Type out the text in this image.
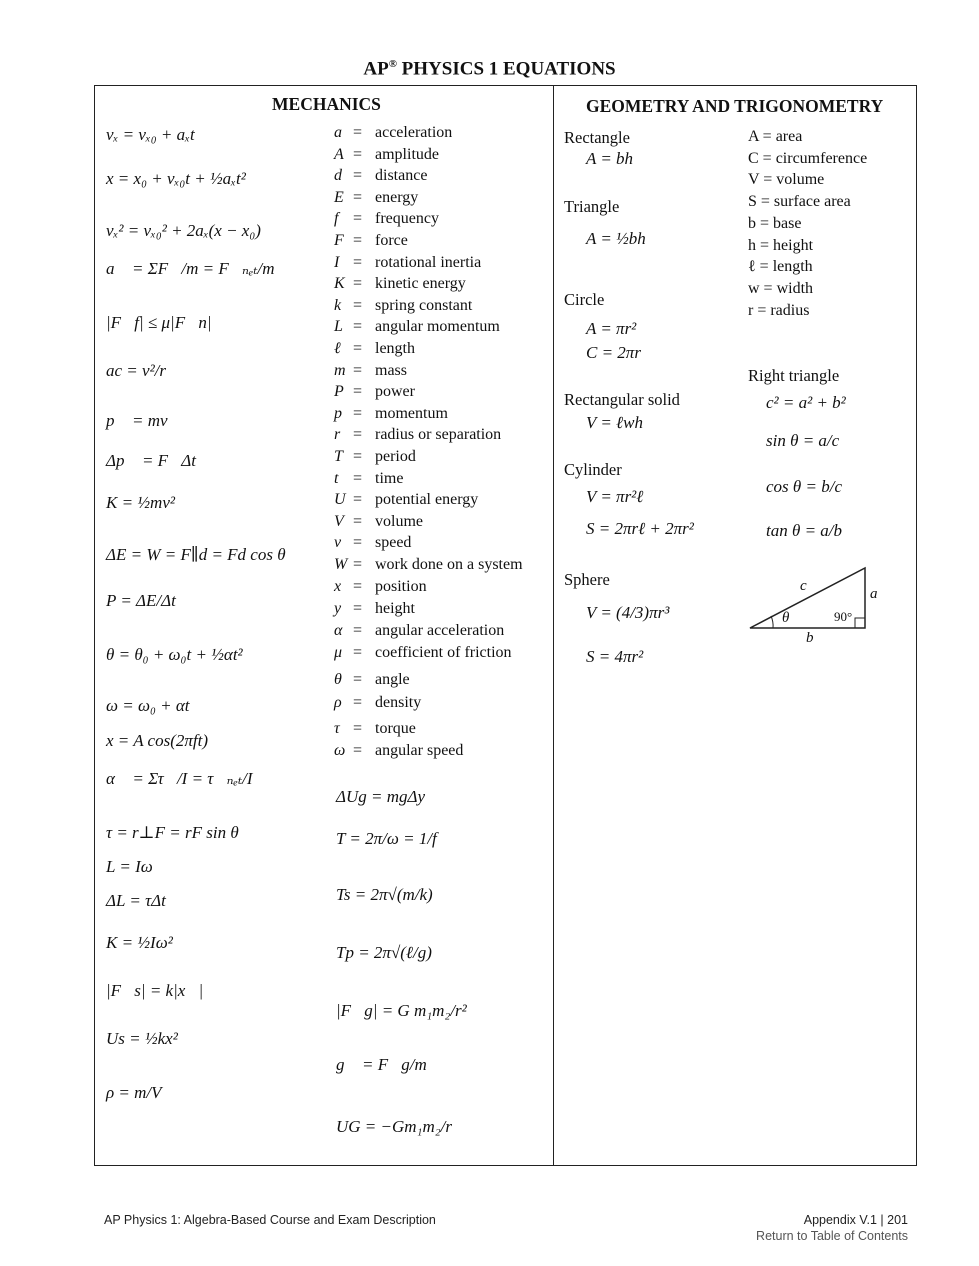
AP® PHYSICS 1 EQUATIONS
MECHANICS	GEOMETRY AND TRIGONOMETRY
vₓ = vₓ₀ + aₓt
x = x₀ + vₓ₀t + ½aₓt²
vₓ² = vₓ₀² + 2aₓ(x − x₀)
a⃗ = ΣF⃗/m = F⃗ₙₑₜ/m
|F⃗f| ≤ μ|F⃗n|
ac = v²/r
p⃗ = mv⃗
Δp⃗ = F⃗Δt
K = ½mv²
ΔE = W = F∥d = Fd cos θ
P = ΔE/Δt
θ = θ₀ + ω₀t + ½αt²
ω = ω₀ + αt
x = A cos(2πft)
α⃗ = Στ⃗/I = τ⃗ₙₑₜ/I
τ = r⊥F = rF sin θ
L = Iω
ΔL = τΔt
K = ½Iω²
|F⃗s| = k|x⃗|
Us = ½kx²
ρ = m/V
a = acceleration
A = amplitude
d = distance
E = energy
f = frequency
F = force
I = rotational inertia
K = kinetic energy
k = spring constant
L = angular momentum
ℓ = length
m = mass
P = power
p = momentum
r = radius or separation
T = period
t = time
U = potential energy
V = volume
v = speed
W = work done on a system
x = position
y = height
α = angular acceleration
μ = coefficient of friction
θ = angle
ρ = density
τ = torque
ω = angular speed
ΔUg = mgΔy
T = 2π/ω = 1/f
Ts = 2π√(m/k)
Tp = 2π√(ℓ/g)
|F⃗g| = G m₁m₂/r²
g⃗ = F⃗g/m
UG = −Gm₁m₂/r
Rectangle
A = bh
Triangle
A = ½bh
Circle
A = πr²
C = 2πr
Rectangular solid
V = ℓwh
Cylinder
V = πr²ℓ
S = 2πrℓ + 2πr²
Sphere
V = (4/3)πr³
S = 4πr²
A = area
C = circumference
V = volume
S = surface area
b = base
h = height
ℓ = length
w = width
r = radius
Right triangle
c² = a² + b²
sin θ = a/c
cos θ = b/c
tan θ = a/b
c	a
b
θ	90°
AP Physics 1: Algebra-Based Course and Exam Description	Appendix V.1 | 201
Return to Table of Contents
